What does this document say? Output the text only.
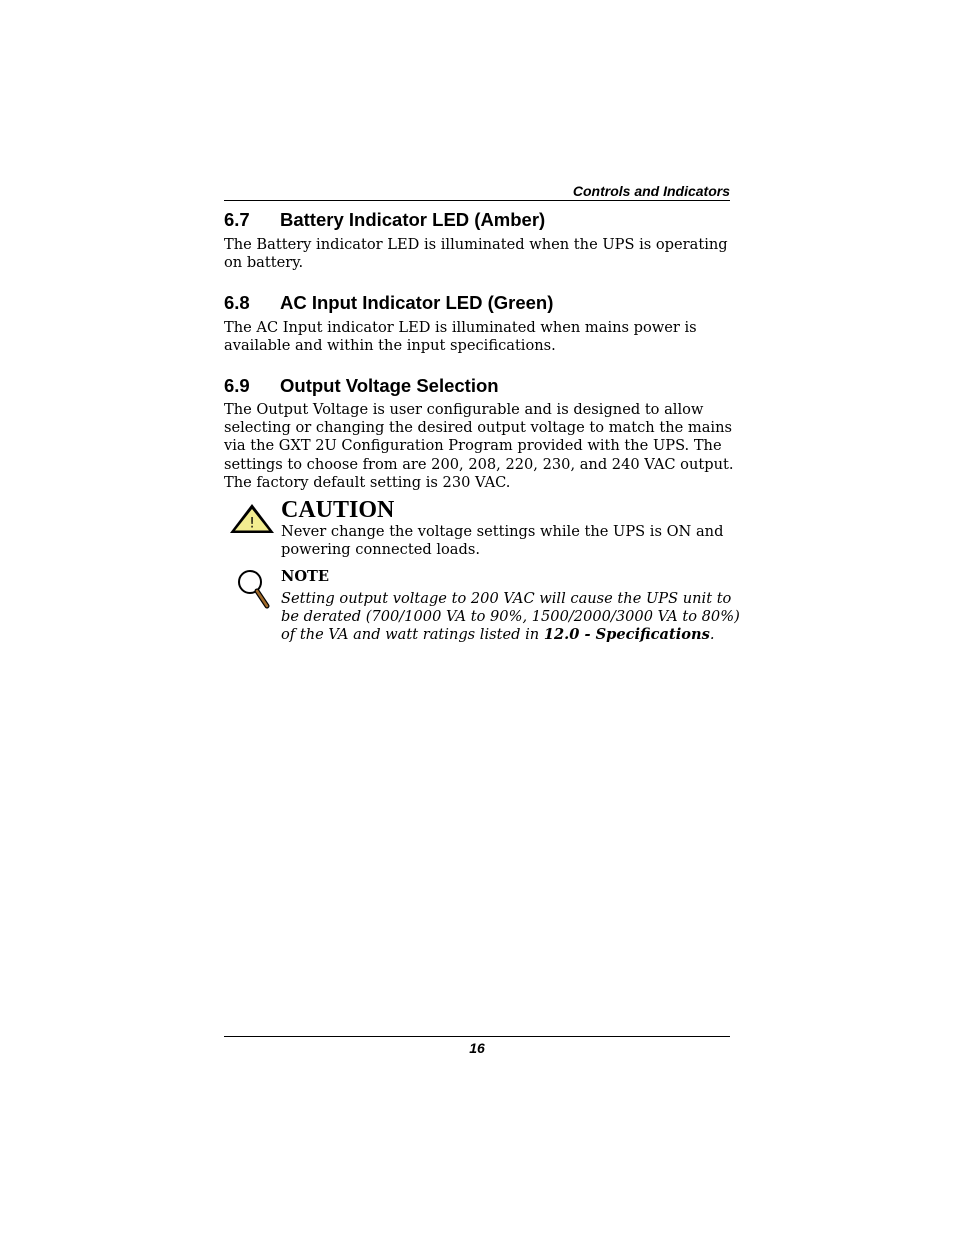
Controls and Indicators
6.7 Battery Indicator LED (Amber)
The Battery indicator LED is illuminated when the UPS is operating
on battery.
6.8 AC Input Indicator LED (Green)
The AC Input indicator LED is illuminated when mains power is
available and within the input specifications.
6.9 Output Voltage Selection
The Output Voltage is user configurable and is designed to allow
selecting or changing the desired output voltage to match the mains
via the GXT 2U Configuration Program provided with the UPS. The
settings to choose from are 200, 208, 220, 230, and 240 VAC output.
The factory default setting is 230 VAC.
!
CAUTION
Never change the voltage settings while the UPS is ON and
powering connected loads.
NOTE
Setting output voltage to 200 VAC will cause the UPS unit to
be derated (700/1000 VA to 90%, 1500/2000/3000 VA to 80%)
of the VA and watt ratings listed in 12.0 - Specifications.
16
